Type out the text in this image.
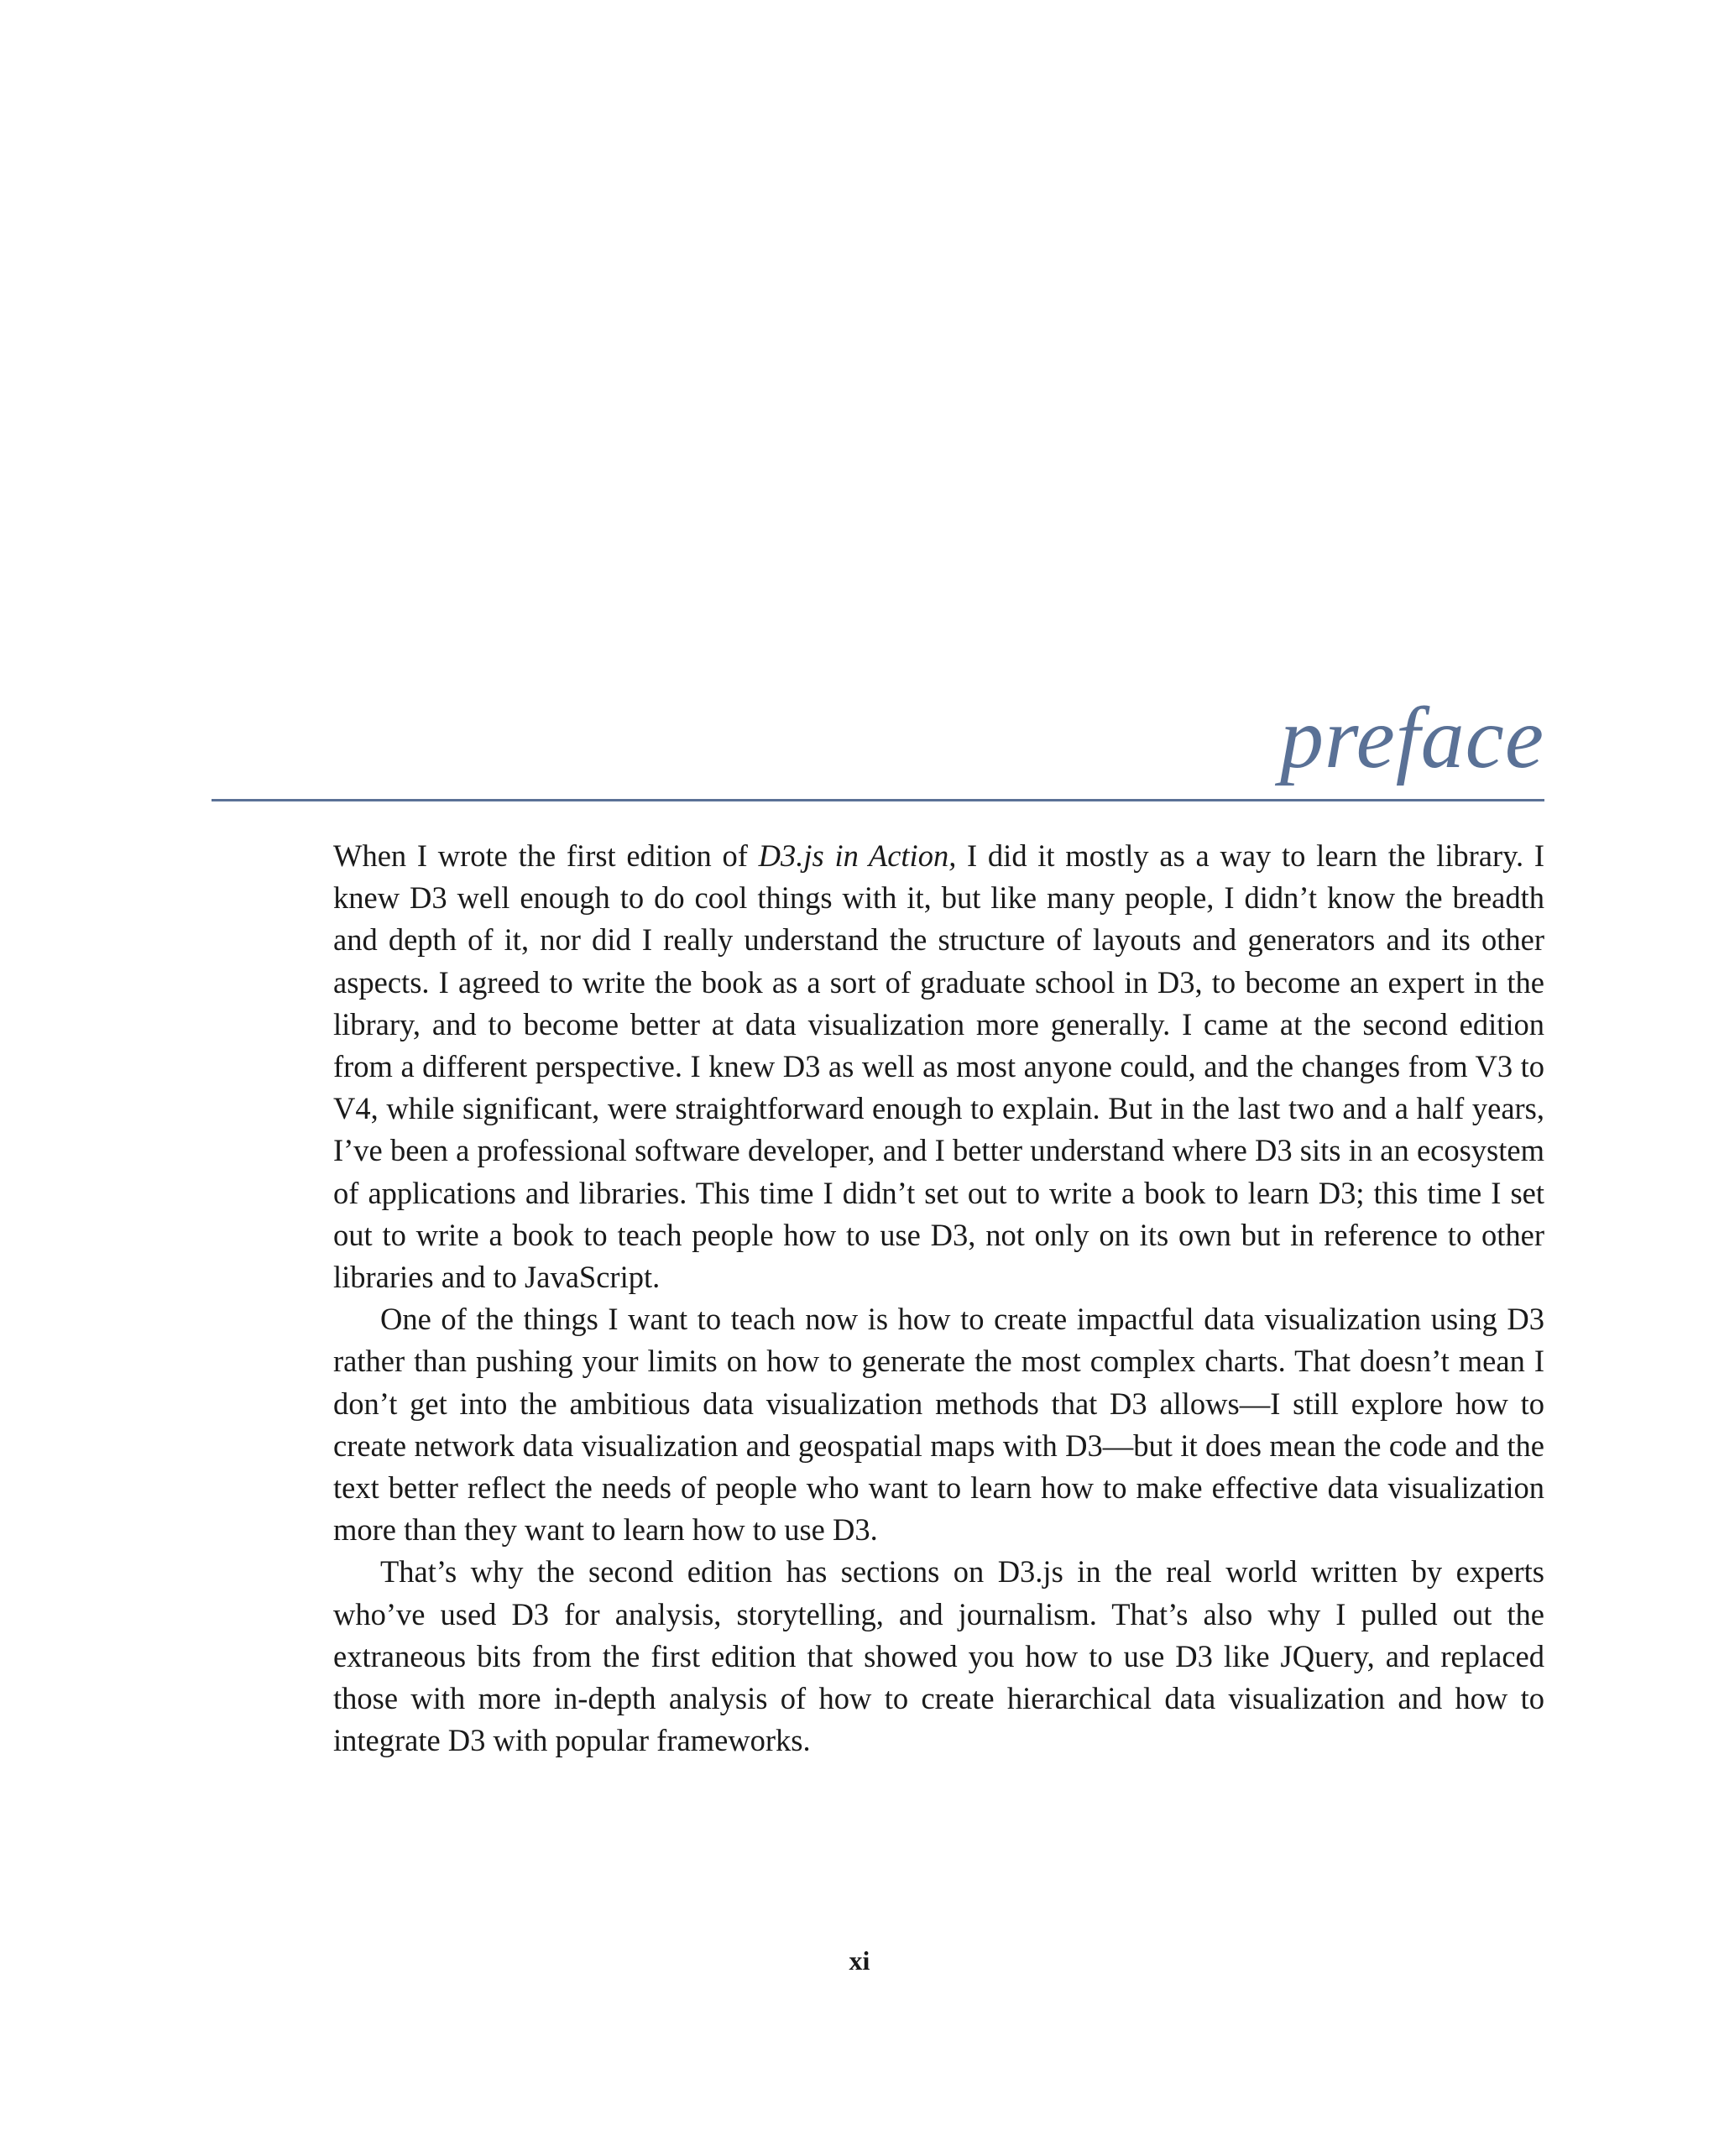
preface

When I wrote the first edition of D3.js in Action, I did it mostly as a way to learn the library. I knew D3 well enough to do cool things with it, but like many people, I didn’t know the breadth and depth of it, nor did I really understand the structure of layouts and generators and its other aspects. I agreed to write the book as a sort of graduate school in D3, to become an expert in the library, and to become better at data visualization more generally. I came at the second edition from a different perspective. I knew D3 as well as most anyone could, and the changes from V3 to V4, while significant, were straightforward enough to explain. But in the last two and a half years, I’ve been a professional software developer, and I better understand where D3 sits in an ecosystem of applications and libraries. This time I didn’t set out to write a book to learn D3; this time I set out to write a book to teach people how to use D3, not only on its own but in reference to other libraries and to JavaScript.

One of the things I want to teach now is how to create impactful data visualization using D3 rather than pushing your limits on how to generate the most complex charts. That doesn’t mean I don’t get into the ambitious data visualization methods that D3 allows—I still explore how to create network data visualization and geospatial maps with D3—but it does mean the code and the text better reflect the needs of people who want to learn how to make effective data visualization more than they want to learn how to use D3.

That’s why the second edition has sections on D3.js in the real world written by experts who’ve used D3 for analysis, storytelling, and journalism. That’s also why I pulled out the extraneous bits from the first edition that showed you how to use D3 like JQuery, and replaced those with more in-depth analysis of how to create hierarchical data visualization and how to integrate D3 with popular frameworks.

xi
